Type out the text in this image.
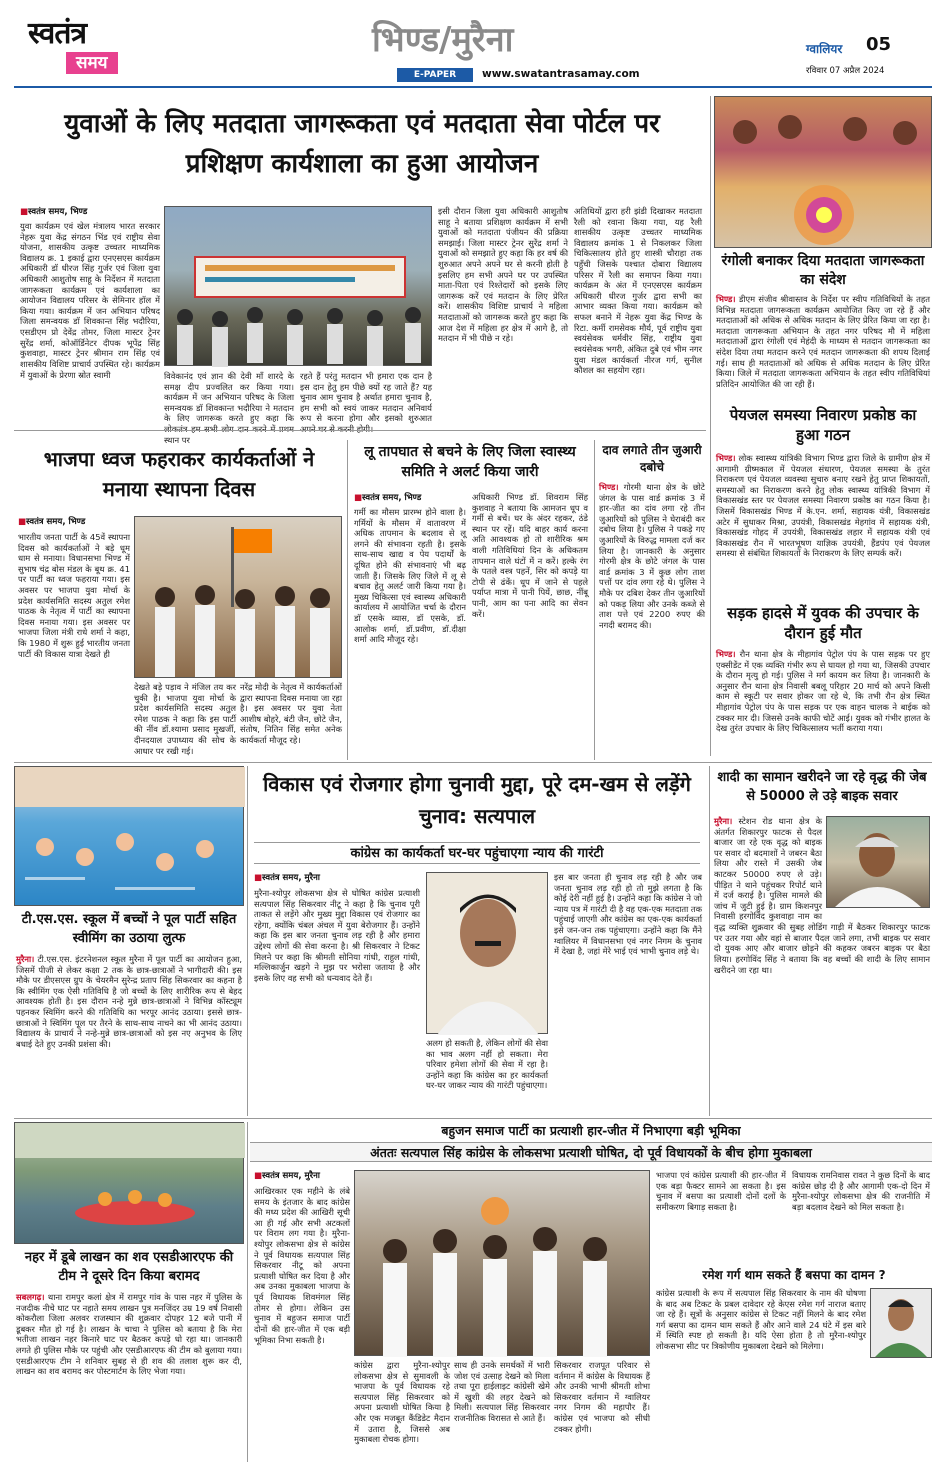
स्वतंत्र
समय
भिण्ड/मुरैना
E-PAPER	www.swatantrasamay.com
ग्वालियर 05
रविवार 07 अप्रैल 2024
युवाओं के लिए मतदाता जागरूकता एवं मतदाता सेवा पोर्टल पर प्रशिक्षण कार्यशाला का हुआ आयोजन
■ स्वतंत्र समय, भिण्ड
युवा कार्यक्रम एवं खेल मंत्रालय भारत सरकार नेहरू युवा केंद्र संगठन भिंड एवं राष्ट्रीय सेवा योजना, शासकीय उत्कृष्ट उच्चतर माध्यमिक विद्यालय क्र. 1 इकाई द्वारा एनएसएस कार्यक्रम अधिकारी डॉ धीरज सिंह गुर्जर एवं जिला युवा अधिकारी आशुतोष साहू के निर्देशन में मतदाता जागरूकता कार्यक्रम एवं कार्यशाला का आयोजन विद्यालय परिसर के सेमिनार हॉल में किया गया। कार्यक्रम में जन अभियान परिषद जिला समन्वयक डॉ शिवकान्त सिंह भदौरिया, एसडीएम प्रो देवेंद्र तोमर, जिला मास्टर ट्रेनर सुरेंद्र शर्मा, कोऑर्डिनेटर दीपक भूपेंद्र सिंह कुशवाहा, मास्टर ट्रेनर श्रीमान राम सिंह एवं शासकीय विशिष्ट प्राचार्य उपस्थित रहे। कार्यक्रम में युवाओं के प्रेरणा स्रोत स्वामी	विवेकानंद एवं ज्ञान की देवी माँ शारदे के समक्ष दीप प्रज्वलित कर किया गया। कार्यक्रम में जन अभियान परिषद के जिला समन्वयक डॉ शिवकान्त भदौरिया ने मतदान के लिए जागरूक करते हुए कहा कि स्थान पर
रहते हैं परंतु मतदान भी हमारा एक दान है इस दान हेतु हम पीछे क्यों रह जाते हैं? यह चुनाव आम चुनाव है अर्थात हमारा चुनाव है, हम सभी को स्वयं जाकर मतदान अनिवार्य रूप से करना होगा और इसको शुरुआत
इसी दौरान जिला युवा अधिकारी आशुतोष साहू ने बताया प्रशिक्षण कार्यक्रम में सभी युवाओं को मतदाता पंजीयन की प्रक्रिया समझाई। जिला मास्टर ट्रेनर सुरेंद्र शर्मा ने युवाओं को समझाते हुए कहा कि हर वर्ष की शुरुआत अपने अपने घर से करनी होती है इसलिए हम सभी अपने घर पर उपस्थित माता-पिता एवं रिश्तेदारों को इसके लिए जागरूक करें एवं मतदान के लिए प्रेरित करें। शासकीय विशिष्ट प्राचार्य ने महिला मतदाताओं को जागरूक करते हुए कहा कि आज देश में महिला हर क्षेत्र में आगे है, तो मतदान में भी पीछे न रहे।
अतिथियों द्वारा हरी झंडी दिखाकर मतदाता रैली को रवाना किया गया, यह रैली शासकीय उत्कृष्ट उच्चतर माध्यमिक विद्यालय क्रमांक 1 से निकलकर जिला चिकित्सालय होते हुए शास्त्री चौराहा तक पहुँची जिसके पश्चात दोबारा विद्यालय परिसर में रैली का समापन किया गया। कार्यक्रम के अंत में एनएसएस कार्यक्रम अधिकारी धीरज गुर्जर द्वारा सभी का आभार व्यक्त किया गया। कार्यक्रम को सफल बनाने में नेहरू युवा केंद्र भिण्ड के रिटा. कर्मी रामसेवक मौर्य, पूर्व राष्ट्रीय युवा स्वयंसेवक धर्मवीर सिंह, राष्ट्रीय युवा स्वयंसेवक भगरी, अंकित दुबे एवं भीम नगर युवा मंडल कार्यकर्ता नीरज गर्ग, सुनील कौशल का सहयोग रहा।
रंगोली बनाकर दिया मतदाता जागरूकता का संदेश
भिण्ड। डीएम संजीव श्रीवास्तव के निर्देश पर स्वीप गतिविधियों के तहत विभिन्न मतदाता जागरूकता कार्यक्रम आयोजित किए जा रहे हैं और मतदाताओं को अधिक से अधिक मतदान के लिए प्रेरित किया जा रहा है। मतदाता जागरूकता अभियान के तहत नगर परिषद मौ में महिला मतदाताओं द्वारा रंगोली एवं मेहंदी के माध्यम से मतदान जागरूकता का संदेश दिया तथा मतदान करने एवं मतदान जागरूकता की शपथ दिलाई गई। साथ ही मतदाताओं को अधिक से अधिक मतदान के लिए प्रेरित किया। जिले में मतदाता जागरूकता अभियान के तहत स्वीप गतिविधियां प्रतिदिन आयोजित की जा रही हैं।
पेयजल समस्या निवारण प्रकोष्ठ का हुआ गठन
भिण्ड। लोक स्वास्थ्य यांत्रिकी विभाग भिण्ड द्वारा जिले के ग्रामीण क्षेत्र में आगामी ग्रीष्मकाल में पेयजल संधारण, पेयजल समस्या के तुरंत निराकरण एवं पेयजल व्यवस्था सुचारु बनाए रखने हेतु प्राप्त शिकायतों, समस्याओं का निराकरण करने हेतु लोक स्वास्थ्य यांत्रिकी विभाग में विकासखंड स्तर पर पेयजल समस्या निवारण प्रकोष्ठ का गठन किया है। जिसमें विकासखंड भिण्ड में के.एन. शर्मा, सहायक यंत्री, विकासखंड अटेर में सुधाकर मिश्रा, उपयंत्री, विकासखंड मेहगांव में सहायक यंत्री, विकासखंड गोहद में उपयंत्री, विकासखंड लहार में सहायक यंत्री एवं विकासखंड रौन में भारतभूषण याज्ञिक उपयंत्री, हैंडपंप एवं पेयजल समस्या से संबंधित शिकायतों के निराकरण के लिए सम्पर्क करें।
सड़क हादसे में युवक की उपचार के दौरान हुई मौत
भिण्ड। रौन थाना क्षेत्र के मीहागांव पेट्रोल पंप के पास सड़क पर हुए एक्सीडेंट में एक व्यक्ति गंभीर रूप से घायल हो गया था, जिसकी उपचार के दौरान मृत्यु हो गई। पुलिस ने मर्ग कायम कर लिया है। जानकारी के अनुसार रौन थाना क्षेत्र निवासी बबलू परिहार 20 मार्च को अपने किसी काम से स्कूटी पर सवार होकर जा रहे थे, कि तभी रौन क्षेत्र स्थित मीहागांव पेट्रोल पंप के पास सड़क पर एक वाहन चालक ने बाईक को टक्कर मार दी। जिससे उनके काफी चोटें आई। युवक को गंभीर हालत के देख तुरंत उपचार के लिए चिकित्सालय भर्ती कराया गया।
भाजपा ध्वज फहराकर कार्यकर्ताओं ने मनाया स्थापना दिवस
■ स्वतंत्र समय, भिण्ड
भारतीय जनता पार्टी के 45वें स्थापना दिवस को कार्यकर्ताओं ने बड़े धूम धाम से मनाया। विधानसभा भिण्ड में सुभाष चंद्र बोस मंडल के बूथ क्र. 41 पर पार्टी का ध्वज फहराया गया। इस अवसर पर भाजपा युवा मोर्चा के प्रदेश कार्यसमिति सदस्य अतुल रमेश पाठक के नेतृत्व में पार्टी का स्थापना दिवस मनाया गया। इस अवसर पर भाजपा जिला मंत्री राधे शर्मा ने कहा, कि 1980 में शुरू हुई भारतीय जनता पार्टी की विकास यात्रा देखते ही
देखते बड़े पड़ाव ने मंजिल तय कर चुकी है। भाजपा युवा मोर्चा के प्रदेश कार्यसमिति सदस्य अतुल रमेश पाठक ने कहा कि इस पार्टी की नींव डॉ.श्यामा प्रसाद मुखर्जी, दीनदयाल उपाध्याय की सोच के आधार पर रखी गई।
नरेंद्र मोदी के नेतृत्व में कार्यकर्ताओं द्वारा स्थापना दिवस मनाया जा रहा है। इस अवसर पर युवा नेता आशीष बोहरे, बंटी जैन, छोटे जैन, संतोष, नितिन सिंह समेत अनेक कार्यकर्ता मौजूद रहे।
लू तापघात से बचने के लिए जिला स्वास्थ्य समिति ने अलर्ट किया जारी
■ स्वतंत्र समय, भिण्ड
गर्मी का मौसम प्रारम्भ होने वाला है। गर्मियों के मौसम में वातावरण में अधिक तापमान के बदलाव से लू लगने की संभावना रहती है। इसके साथ-साथ खाद्य व पेय पदार्थों के दूषित होने की संभावनाएं भी बढ़ जाती हैं। जिसके लिए जिले में लू से बचाव हेतु अलर्ट जारी किया गया है। मुख्य चिकित्सा एवं स्वास्थ्य अधिकारी कार्यालय में आयोजित चर्चा के दौरान डॉ एसके व्यास, डॉ एसके, डॉ. आलोक शर्मा, डॉ.प्रवीण, डॉ.दीक्षा शर्मा आदि मौजूद रहे।
अधिकारी भिण्ड डॉ. शिवराम सिंह कुशवाह ने बताया कि आमजन धूप व गर्मी से बचें। घर के अंदर रहकर, ठंडे स्थान पर रहें। यदि बाहर कार्य करना अति आवश्यक हो तो शारीरिक श्रम वाली गतिविधियां दिन के अधिकतम तापमान वाले घंटों में न करें। हल्के रंग के पतले वस्त्र पहनें, सिर को कपड़े या टोपी से ढंकें। धूप में जाने से पहले पर्याप्त मात्रा में पानी पियें, छाछ, नींबू पानी, आम का पना आदि का सेवन करें।
दाव लगाते तीन जुआरी दबोचे
भिण्ड। गोरमी थाना क्षेत्र के छोटे जंगल के पास वार्ड क्रमांक 3 में हार-जीत का दांव लगा रहे तीन जुआरियों को पुलिस ने घेराबंदी कर दबोच लिया है। पुलिस ने पकड़े गए जुआरियों के विरुद्ध मामला दर्ज कर लिया है। जानकारी के अनुसार गोरमी क्षेत्र के छोटे जंगल के पास वार्ड क्रमांक 3 में कुछ लोग ताश पत्तों पर दांव लगा रहे थे। पुलिस ने मौके पर दबिश देकर तीन जुआरियों को पकड़ लिया और उनके कब्जे से ताश पत्ते एवं 2200 रुपए की नगदी बरामद की।
टी.एस.एस. स्कूल में बच्चों ने पूल पार्टी सहित स्वीमिंग का उठाया लुत्फ
मुरैना। टी.एस.एस. इंटरनेशनल स्कूल मुरैना में पूल पार्टी का आयोजन हुआ, जिसमें पीजी से लेकर कक्षा 2 तक के छात्र-छात्राओं ने भागीदारी की। इस मौके पर डीएसएस ग्रुप के चेयरमैन सुरेन्द्र प्रताप सिंह सिकरवार का कहना है कि स्वीमिंग एक ऐसी गतिविधि है जो बच्चों के लिए शारीरिक रूप से बेहद आवश्यक होती है। इस दौरान नन्हे मुन्ने छात्र-छात्राओं ने विभिन्न कॉस्ट्यूम पहनकर स्विमिंग करने की गतिविधि का भरपूर आनंद उठाया। इससे छात्र-छात्राओं ने स्विमिंग पूल पर तैरने के साथ-साथ नाचने का भी आनंद उठाया। विद्यालय के प्राचार्य ने नन्हे-मुन्ने छात्र-छात्राओं को इस नए अनुभव के लिए बधाई देते हुए उनकी प्रशंसा की।
विकास एवं रोजगार होगा चुनावी मुद्दा, पूरे दम-खम से लड़ेंगे चुनाव: सत्यपाल
कांग्रेस का कार्यकर्ता घर-घर पहुंचाएगा न्याय की गारंटी
■ स्वतंत्र समय, मुरैना
मुरैना-श्योपुर लोकसभा क्षेत्र से घोषित कांग्रेस प्रत्याशी सत्यपाल सिंह सिकरवार नीटू ने कहा है कि चुनाव पूरी ताकत से लड़ेंगे और मुख्य मुद्दा विकास एवं रोजगार का रहेगा, क्योंकि चंबल अंचल में युवा बेरोजगार हैं। उन्होंने कहा कि इस बार जनता चुनाव लड़ रही है और हमारा उद्देश्य लोगों की सेवा करना है। श्री सिकरवार ने टिकट मिलने पर कहा कि श्रीमती सोनिया गांधी, राहुल गांधी, मल्लिकार्जुन खड़गे ने मुझ पर भरोसा जताया है और इसके लिए वह सभी को धन्यवाद देते हैं।
अलग हो सकती है, लेकिन लोगों की सेवा का भाव अलग नहीं हो सकता। मेरा परिवार हमेशा लोगों की सेवा में रहा है। उन्होंने कहा कि कांग्रेस का हर कार्यकर्ता घर-घर जाकर न्याय की गारंटी पहुंचाएगा।
इस बार जनता ही चुनाव लड़ रही है और जब जनता चुनाव लड़ रही हो तो मुझे लगता है कि कोई देरी नहीं हुई है। उन्होंने कहा कि कांग्रेस ने जो न्याय पत्र में गारंटी दी है वह एक-एक मतदाता तक पहुंचाई जाएगी और कांग्रेस का एक-एक कार्यकर्ता इसे जन-जन तक पहुंचाएगा। उन्होंने कहा कि मैंने ग्वालियर में विधानसभा एवं नगर निगम के चुनाव में देखा है, जहां मेरे भाई एवं भाभी चुनाव लड़े थे।
शादी का सामान खरीदने जा रहे वृद्ध की जेब से 50000 ले उड़े बाइक सवार
मुरैना। स्टेशन रोड थाना क्षेत्र के अंतर्गत शिकारपुर फाटक से पैदल बाजार जा रहे एक वृद्ध को बाइक पर सवार दो बदमाशों ने जबरन बैठा लिया और रास्ते में उसकी जेब काटकर 50000 रुपए ले उड़े। पीड़ित ने थाने पहुंचकर रिपोर्ट थाने में दर्ज कराई है। पुलिस मामले की जांच में जुटी हुई है। ग्राम किशनपुर निवासी हरगोविंद कुशवाहा नाम का वृद्ध व्यक्ति शुक्रवार की सुबह लोडिंग गाड़ी में बैठकर शिकारपुर फाटक पर उतर गया और वहां से बाजार पैदल जाने लगा, तभी बाइक पर सवार दो युवक आए और बाजार छोड़ने की कहकर जबरन बाइक पर बैठा लिया। हरगोविंद सिंह ने बताया कि वह बच्चों की शादी के लिए सामान खरीदने जा रहा था।
नहर में डूबे लाखन का शव एसडीआरएफ की टीम ने दूसरे दिन किया बरामद
सबलगढ़। थाना रामपुर कलां क्षेत्र में रामपुर गांव के पास नहर में पुलिस के नजदीक नीचे घाट पर नहाते समय लाखन पुत्र मनजिंदर उम्र 19 वर्ष निवासी कोकरौला जिला अलवर राजस्थान की शुक्रवार दोपहर 12 बजे पानी में डूबकर मौत हो गई है। लाखन के चाचा ने पुलिस को बताया है कि मेरा भतीजा लाखन नहर किनारे घाट पर बैठकर कपड़े धो रहा था। जानकारी लगते ही पुलिस मौके पर पहुंची और एसडीआरएफ की टीम को बुलाया गया। एसडीआरएफ टीम ने शनिवार सुबह से ही शव की तलाश शुरू कर दी, लाखन का शव बरामद कर पोस्टमार्टम के लिए भेजा गया।
बहुजन समाज पार्टी का प्रत्याशी हार-जीत में निभाएगा बड़ी भूमिका
अंततः सत्यपाल सिंह कांग्रेस के लोकसभा प्रत्याशी घोषित, दो पूर्व विधायकों के बीच होगा मुकाबला
■ स्वतंत्र समय, मुरैना
आखिरकार एक महीने के लंबे समय के इंतजार के बाद कांग्रेस की मध्य प्रदेश की आखिरी सूची आ ही गई और सभी अटकलों पर विराम लग गया है। मुरैना-श्योपुर लोकसभा क्षेत्र से कांग्रेस ने पूर्व विधायक सत्यपाल सिंह सिकरवार नीटू को अपना प्रत्याशी घोषित कर दिया है और अब उनका मुकाबला भाजपा के पूर्व विधायक शिवमंगल सिंह तोमर से होगा। लेकिन उस चुनाव में बहुजन समाज पार्टी दोनों की हार-जीत में एक बड़ी भूमिका निभा सकती है।
कांग्रेस द्वारा मुरैना-श्योपुर लोकसभा क्षेत्र से सुमावली के भाजपा के पूर्व विधायक रहे सत्यपाल सिंह सिकरवार को अपना प्रत्याशी घोषित किया है और एक मजबूत कैंडिडेट मैदान में उतारा है, जिससे अब मुकाबला रोचक होगा।
साथ ही उनके समर्थकों में भारी जोश एवं उत्साह देखने को मिला तथा पूरा हाईलाइट कांग्रेसी खेमे में खुशी की लहर देखने को मिली। सत्यपाल सिंह सिकरवार राजनीतिक विरासत से आते हैं।
सिकरवार राजपूत परिवार से वर्तमान में कांग्रेस के विधायक हैं और उनकी भाभी श्रीमती शोभा सिकरवार वर्तमान में ग्वालियर नगर निगम की महापौर हैं। कांग्रेस एवं भाजपा को सीधी टक्कर होगी।
भाजपा एवं कांग्रेस प्रत्याशी की हार-जीत में एक बड़ा फैक्टर सामने आ सकता है। इस चुनाव में बसपा का प्रत्याशी दोनों दलों के समीकरण बिगाड़ सकता है।
विधायक रामनिवास रावत ने कुछ दिनों के बाद कांग्रेस छोड़ दी है और आगामी एक-दो दिन में मुरैना-श्योपुर लोकसभा क्षेत्र की राजनीति में बड़ा बदलाव देखने को मिल सकता है।
रमेश गर्ग थाम सकते हैं बसपा का दामन ?
कांग्रेस प्रत्याशी के रूप में सत्यपाल सिंह सिकरवार के नाम की घोषणा के बाद अब टिकट के प्रबल दावेदार रहे केएस रमेश गर्ग नाराज बताए जा रहे हैं। सूत्रों के अनुसार कांग्रेस से टिकट नहीं मिलने के बाद रमेश गर्ग बसपा का दामन थाम सकते हैं और आने वाले 24 घंटे में इस बारे में स्थिति स्पष्ट हो सकती है। यदि ऐसा होता है तो मुरैना-श्योपुर लोकसभा सीट पर त्रिकोणीय मुकाबला देखने को मिलेगा।
